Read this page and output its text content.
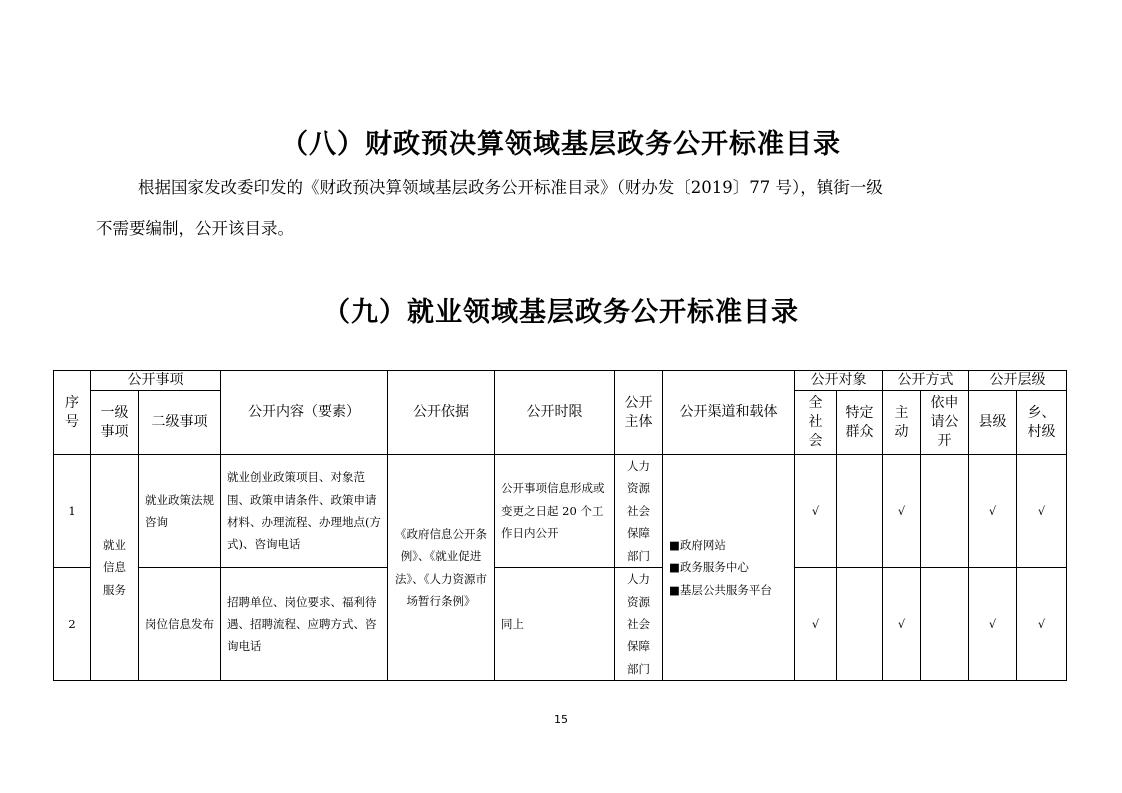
（八）财政预决算领域基层政务公开标准目录
根据国家发改委印发的《财政预决算领域基层政务公开标准目录》（财办发〔2019〕77 号），镇街一级
不需要编制，公开该目录。
（九）就业领域基层政务公开标准目录
序号	公开事项		公开内容（要素）	公开依据	公开时限	公开主体	公开渠道和载体	公开对象		公开方式		公开层级	
	一级事项	二级事项						全社会	特定群众	主动	依申请公开	县级	乡、村级
1	就业信息服务	就业政策法规咨询	就业创业政策项目、对象范围、政策申请条件、政策申请材料、办理流程、办理地点(方式)、咨询电话	《政府信息公开条例》、《就业促进法》、《人力资源市场暂行条例》	公开事项信息形成或变更之日起 20 个工作日内公开	人力资源社会保障部门	■政府网站
■政务服务中心
■基层公共服务平台	√		√		√	√
2		岗位信息发布	招聘单位、岗位要求、福利待遇、招聘流程、应聘方式、咨询电话		同上	人力资源社会保障部门		√		√		√	√
15
